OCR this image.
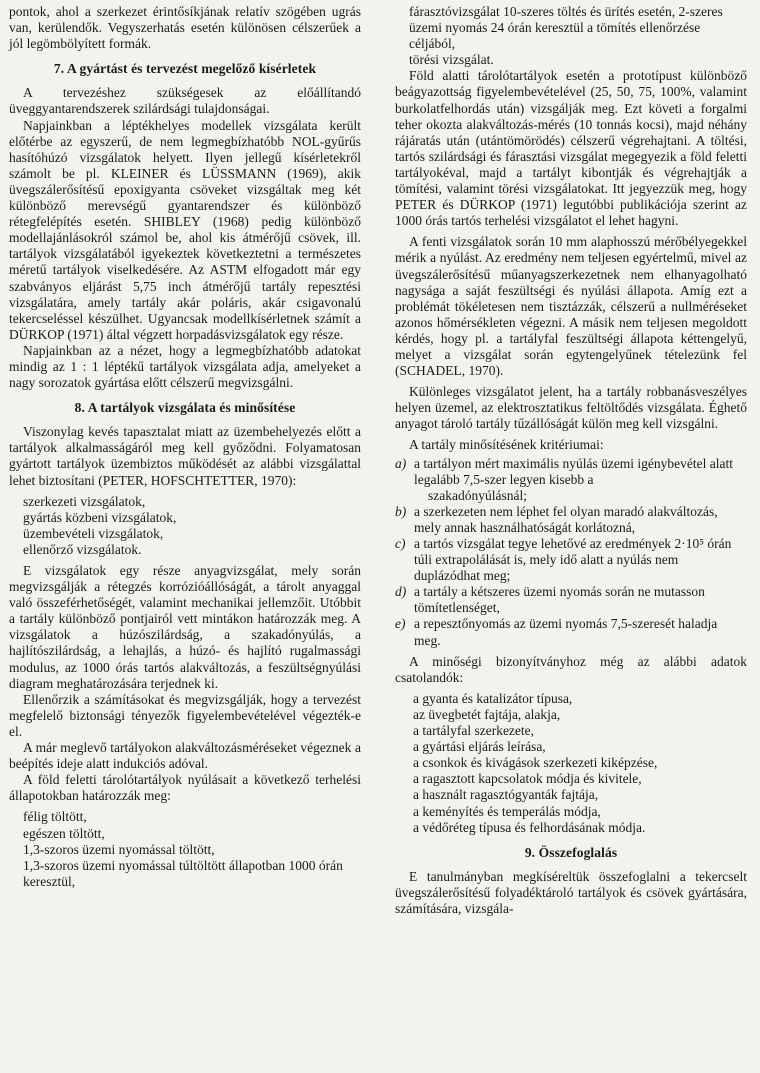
pontok, ahol a szerkezet érintősíkjának relatív szögében ugrás van, kerülendők. Vegyszerhatás esetén különösen célszerűek a jól legömbölyített formák.

7. A gyártást és tervezést megelőző kísérletek

A tervezéshez szükségesek az előállítandó üveggyantarendszerek szilárdsági tulajdonságai.

Napjainkban a léptékhelyes modellek vizsgálata került előtérbe az egyszerű, de nem legmegbízhatóbb NOL-gyűrűs hasítóhúzó vizsgálatok helyett. Ilyen jellegű kísérletekről számolt be pl. KLEINER és LÜSSMANN (1969), akik üvegszálerősítésű epoxigyanta csöveket vizsgáltak meg két különböző merevségű gyantarendszer és különböző rétegfelépítés esetén. SHIBLEY (1968) pedig különböző modellajánlásokról számol be, ahol kis átmérőjű csövek, ill. tartályok vizsgálatából igyekeztek következtetni a természetes méretű tartályok viselkedésére. Az ASTM elfogadott már egy szabványos eljárást 5,75 inch átmérőjű tartály repesztési vizsgálatára, amely tartály akár poláris, akár csigavonalú tekercseléssel készülhet. Ugyancsak modellkísérletnek számít a DÜRKOP (1971) által végzett horpadásvizsgálatok egy része.

Napjainkban az a nézet, hogy a legmegbízhatóbb adatokat mindig az 1 : 1 léptékű tartályok vizsgálata adja, amelyeket a nagy sorozatok gyártása előtt célszerű megvizsgálni.

8. A tartályok vizsgálata és minősítése

Viszonylag kevés tapasztalat miatt az üzembehelyezés előtt a tartályok alkalmasságáról meg kell győződni. Folyamatosan gyártott tartályok üzembiztos működését az alábbi vizsgálattal lehet biztosítani (PETER, HOFSCHTETTER, 1970):

szerkezeti vizsgálatok,
gyártás közbeni vizsgálatok,
üzembevételi vizsgálatok,
ellenőrző vizsgálatok.

E vizsgálatok egy része anyagvizsgálat, mely során megvizsgálják a rétegzés korrózióállóságát, a tárolt anyaggal való összeférhetőségét, valamint mechanikai jellemzőit. Utóbbit a tartály különböző pontjairól vett mintákon határozzák meg. A vizsgálatok a húzószilárdság, a szakadónyúlás, a hajlítószilárdság, a lehajlás, a húzó- és hajlító rugalmassági modulus, az 1000 órás tartós alakváltozás, a feszültségnyúlási diagram meghatározására terjednek ki.

Ellenőrzik a számításokat és megvizsgálják, hogy a tervezést megfelelő biztonsági tényezők figyelembevételével végezték-e el.

A már meglevő tartályokon alakváltozásméréseket végeznek a beépítés ideje alatt indukciós adóval.

A föld feletti tárolótartályok nyúlásait a következő terhelési állapotokban határozzák meg:

félig töltött,
egészen töltött,
1,3-szoros üzemi nyomással töltött,
1,3-szoros üzemi nyomással túltöltött állapotban 1000 órán keresztül,
fárasztóvizsgálat 10-szeres töltés és ürítés esetén, 2-szeres üzemi nyomás 24 órán keresztül a tömítés ellenőrzése céljából,
törési vizsgálat.

Föld alatti tárolótartályok esetén a prototípust különböző beágyazottság figyelembevételével (25, 50, 75, 100%, valamint burkolatfelhordás után) vizsgálják meg. Ezt követi a forgalmi teher okozta alakváltozás-mérés (10 tonnás kocsi), majd néhány rájáratás után (utántömörödés) célszerű végrehajtani. A töltési, tartós szilárdsági és fárasztási vizsgálat megegyezik a föld feletti tartályokéval, majd a tartályt kibontják és végrehajtják a tömítési, valamint törési vizsgálatokat. Itt jegyezzük meg, hogy PETER és DÜRKOP (1971) legutóbbi publikációja szerint az 1000 órás tartós terhelési vizsgálatot el lehet hagyni.

A fenti vizsgálatok során 10 mm alaphosszú mérőbélyegekkel mérik a nyúlást. Az eredmény nem teljesen egyértelmű, mivel az üvegszálerősítésű műanyagszerkezetnek nem elhanyagolható nagysága a saját feszültségi és nyúlási állapota. Amíg ezt a problémát tökéletesen nem tisztázzák, célszerű a nullméréseket azonos hőmérsékleten végezni. A másik nem teljesen megoldott kérdés, hogy pl. a tartályfal feszültségi állapota kéttengelyű, melyet a vizsgálat során egytengelyűnek tételezünk fel (SCHADEL, 1970).

Különleges vizsgálatot jelent, ha a tartály robbanásveszélyes helyen üzemel, az elektrosztatikus feltöltődés vizsgálata. Éghető anyagot tároló tartály tűzállóságát külön meg kell vizsgálni.

A tartály minősítésének kritériumai:

a) a tartályon mért maximális nyúlás üzemi igénybevétel alatt legalább 7,5-szer legyen kisebb a
szakadónyúlásnál;
b) a szerkezeten nem léphet fel olyan maradó alakváltozás, mely annak használhatóságát korlátozná,
c) a tartós vizsgálat tegye lehetővé az eredmények 2·10⁵ órán túli extrapolálását is, mely idő alatt a nyúlás nem duplázódhat meg;
d) a tartály a kétszeres üzemi nyomás során ne mutasson tömítetlenséget,
e) a repesztőnyomás az üzemi nyomás 7,5-szeresét haladja meg.

A minőségi bizonyítványhoz még az alábbi adatok csatolandók:

a gyanta és katalizátor típusa,
az üvegbetét fajtája, alakja,
a tartályfal szerkezete,
a gyártási eljárás leírása,
a csonkok és kivágások szerkezeti kiképzése,
a ragasztott kapcsolatok módja és kivitele,
a használt ragasztógyanták fajtája,
a keményítés és temperálás módja,
a védőréteg típusa és felhordásának módja.
9. Összefoglalás

E tanulmányban megkíséreltük összefoglalni a tekercselt üvegszálerősítésű folyadéktároló tartályok és csövek gyártására, számítására, vizsgála-
